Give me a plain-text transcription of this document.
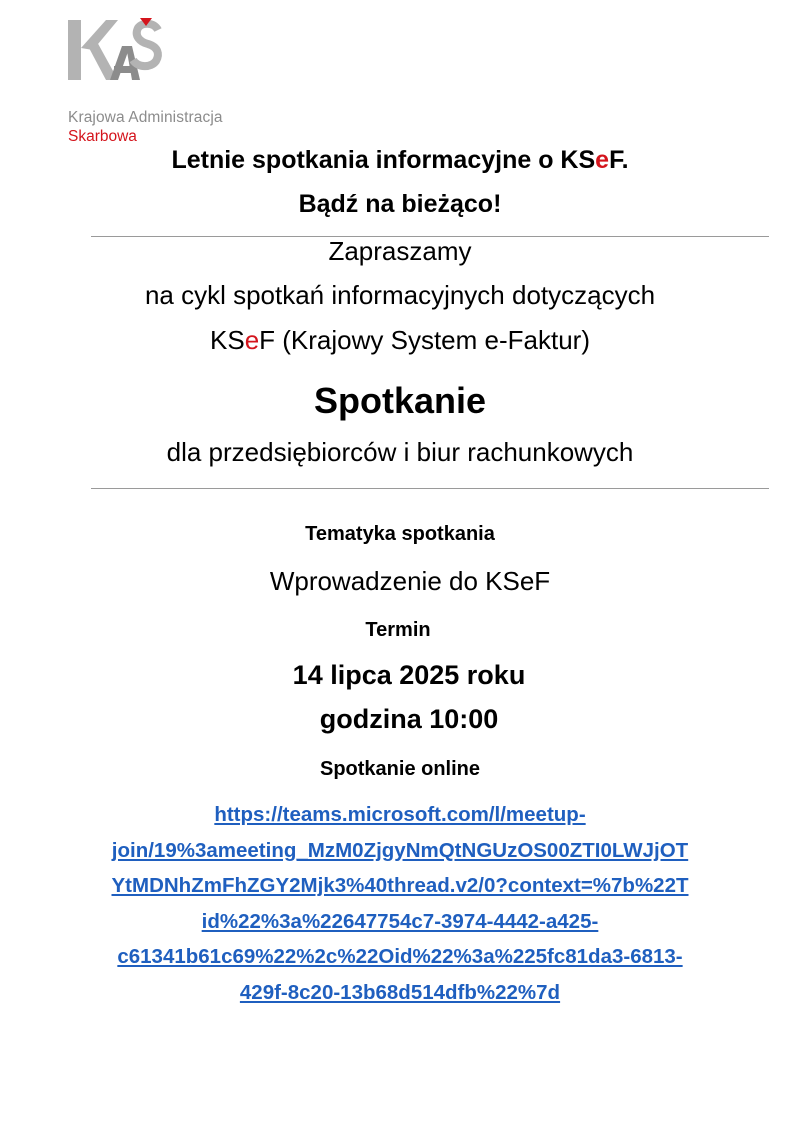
Krajowa Administracja
Skarbowa
Letnie spotkania informacyjne o KSeF.
Bądź na bieżąco!
Zapraszamy
na cykl spotkań informacyjnych dotyczących
KSeF (Krajowy System e-Faktur)
Spotkanie
dla przedsiębiorców i biur rachunkowych
Tematyka spotkania
Wprowadzenie do KSeF
Termin
14 lipca 2025 roku
godzina 10:00
Spotkanie online
https://teams.microsoft.com/l/meetup-
join/19%3ameeting_MzM0ZjgyNmQtNGUzOS00ZTI0LWJjOT
YtMDNhZmFhZGY2Mjk3%40thread.v2/0?context=%7b%22T
id%22%3a%22647754c7-3974-4442-a425-
c61341b61c69%22%2c%22Oid%22%3a%225fc81da3-6813-
429f-8c20-13b68d514dfb%22%7d
